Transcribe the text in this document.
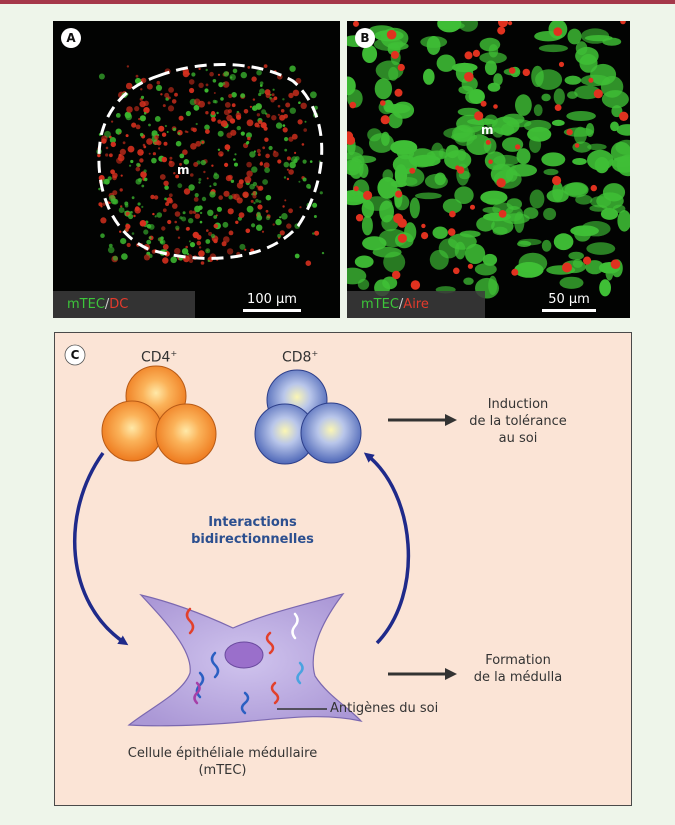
A
m
mTEC / DC	100 µm
B
m
mTEC / Aire	50 µm
C	CD4+	CD8+
Induction
de la tolérance
au soi
Interactions
bidirectionnelles
Formation
de la médulla
Antigènes du soi
Cellule épithéliale médullaire
(mTEC)
